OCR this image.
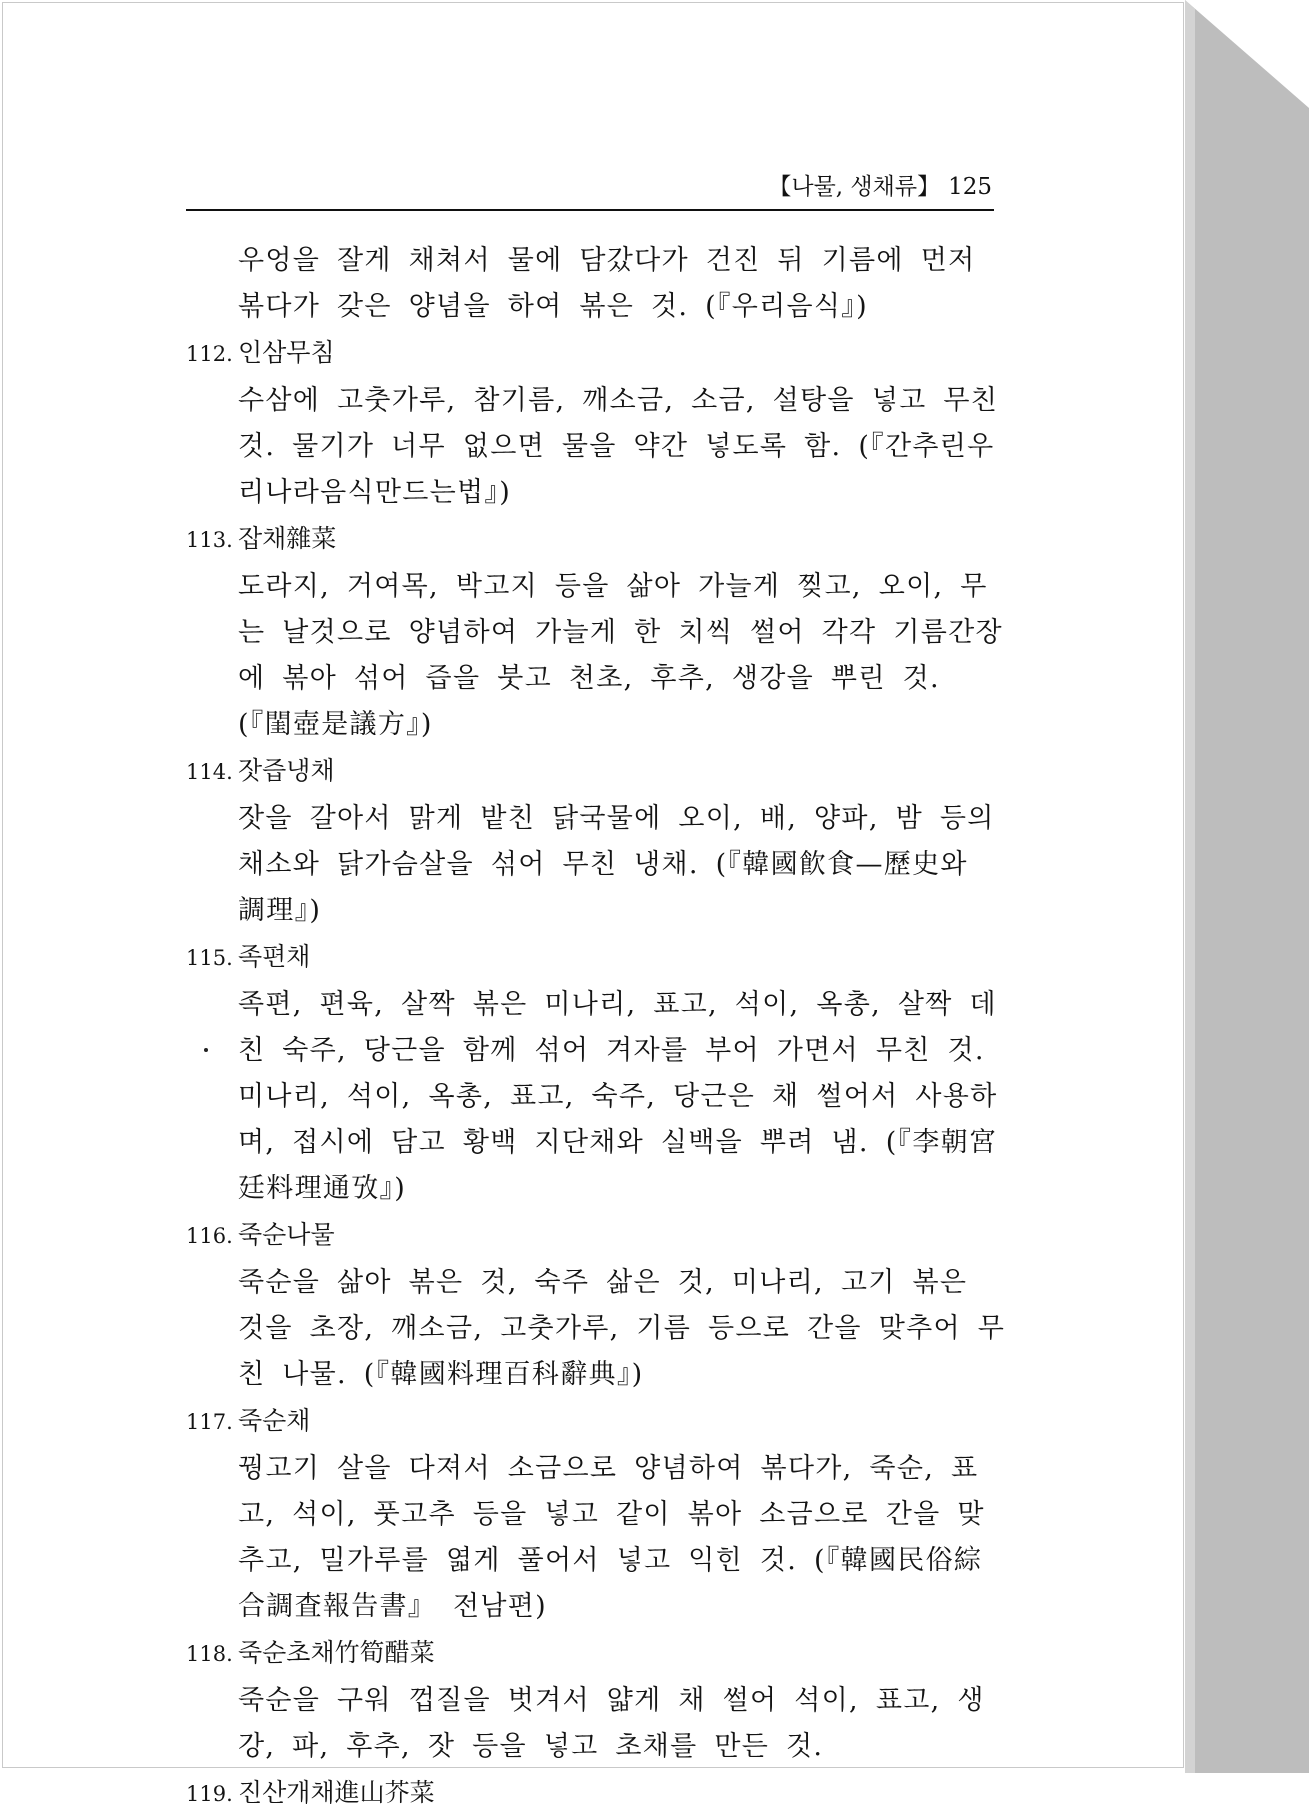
【나물, 생채류】 125
우엉을 잘게 채쳐서 물에 담갔다가 건진 뒤 기름에 먼저 볶다가 갖은 양념을 하여 볶은 것. (『우리음식』)
112. 인삼무침
수삼에 고춧가루, 참기름, 깨소금, 소금, 설탕을 넣고 무친 것. 물기가 너무 없으면 물을 약간 넣도록 함. (『간추린우리나라음식만드는법』)
113. 잡채雜菜
도라지, 거여목, 박고지 등을 삶아 가늘게 찢고, 오이, 무는 날것으로 양념하여 가늘게 한 치씩 썰어 각각 기름간장에 볶아 섞어 즙을 붓고 천초, 후추, 생강을 뿌린 것. (『閨壺是議方』)
114. 잣즙냉채
잣을 갈아서 맑게 밭친 닭국물에 오이, 배, 양파, 밤 등의 채소와 닭가슴살을 섞어 무친 냉채. (『韓國飮食—歷史와 調理』)
115. 족편채
족편, 편육, 살짝 볶은 미나리, 표고, 석이, 옥총, 살짝 데친 숙주, 당근을 함께 섞어 겨자를 부어 가면서 무친 것. 미나리, 석이, 옥총, 표고, 숙주, 당근은 채 썰어서 사용하며, 접시에 담고 황백 지단채와 실백을 뿌려 냄. (『李朝宮廷料理通攷』)
116. 죽순나물
죽순을 삶아 볶은 것, 숙주 삶은 것, 미나리, 고기 볶은 것을 초장, 깨소금, 고춧가루, 기름 등으로 간을 맞추어 무친 나물. (『韓國料理百科辭典』)
117. 죽순채
꿩고기 살을 다져서 소금으로 양념하여 볶다가, 죽순, 표고, 석이, 풋고추 등을 넣고 같이 볶아 소금으로 간을 맞추고, 밀가루를 엷게 풀어서 넣고 익힌 것. (『韓國民俗綜合調査報告書』 전남편)
118. 죽순초채竹筍醋菜
죽순을 구워 껍질을 벗겨서 얇게 채 썰어 석이, 표고, 생강, 파, 후추, 잣 등을 넣고 초채를 만든 것.
119. 진산개채進山芥菜
